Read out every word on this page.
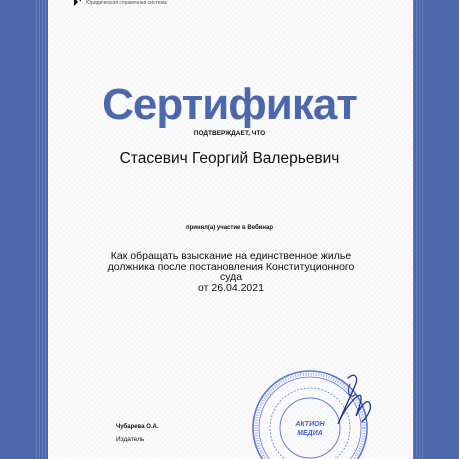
Юридическая справочная система
Сертификат
ПОДТВЕРЖДАЕТ, ЧТО
Стасевич Георгий Валерьевич
принял(а) участие в Вебинар
Как обращать взыскание на единственное жилье
должника после постановления Конституционного суда
от 26.04.2021
АКТИОН
МЕДИА
Чубарева О.А.
Издатель
